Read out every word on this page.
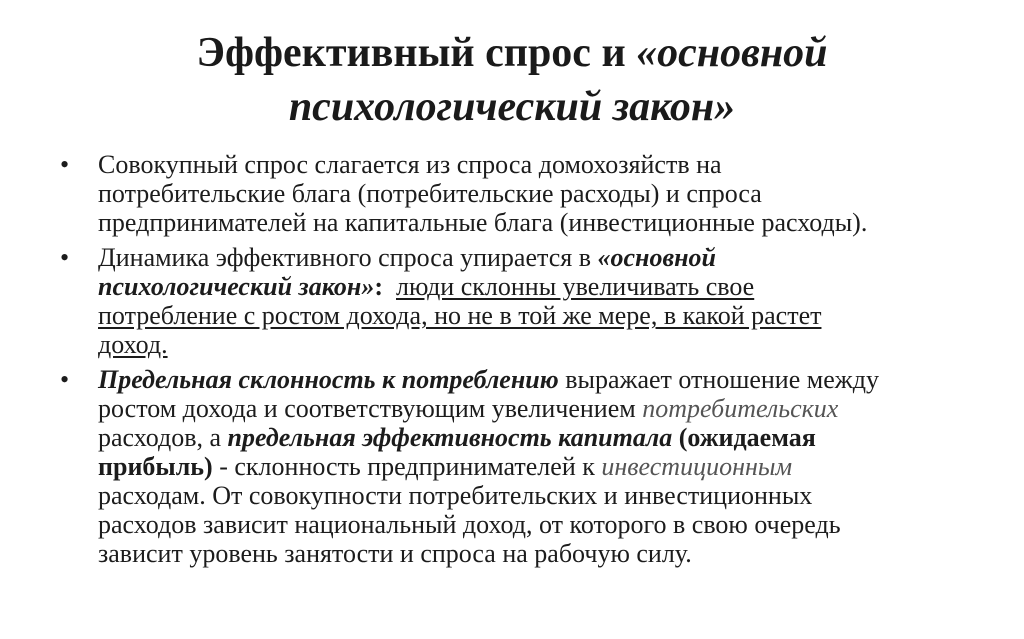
Эффективный спрос и «основной
психологический закон»
• Совокупный спрос слагается из спроса домохозяйств на
потребительские блага (потребительские расходы) и спроса
предпринимателей на капитальные блага (инвестиционные расходы).
• Динамика эффективного спроса упирается в «основной
психологический закон»: люди склонны увеличивать свое
потребление с ростом дохода, но не в той же мере, в какой растет
доход.
• Предельная склонность к потреблению выражает отношение между
ростом дохода и соответствующим увеличением потребительских
расходов, а предельная эффективность капитала (ожидаемая
прибыль) - склонность предпринимателей к инвестиционным
расходам. От совокупности потребительских и инвестиционных
расходов зависит национальный доход, от которого в свою очередь
зависит уровень занятости и спроса на рабочую силу.
